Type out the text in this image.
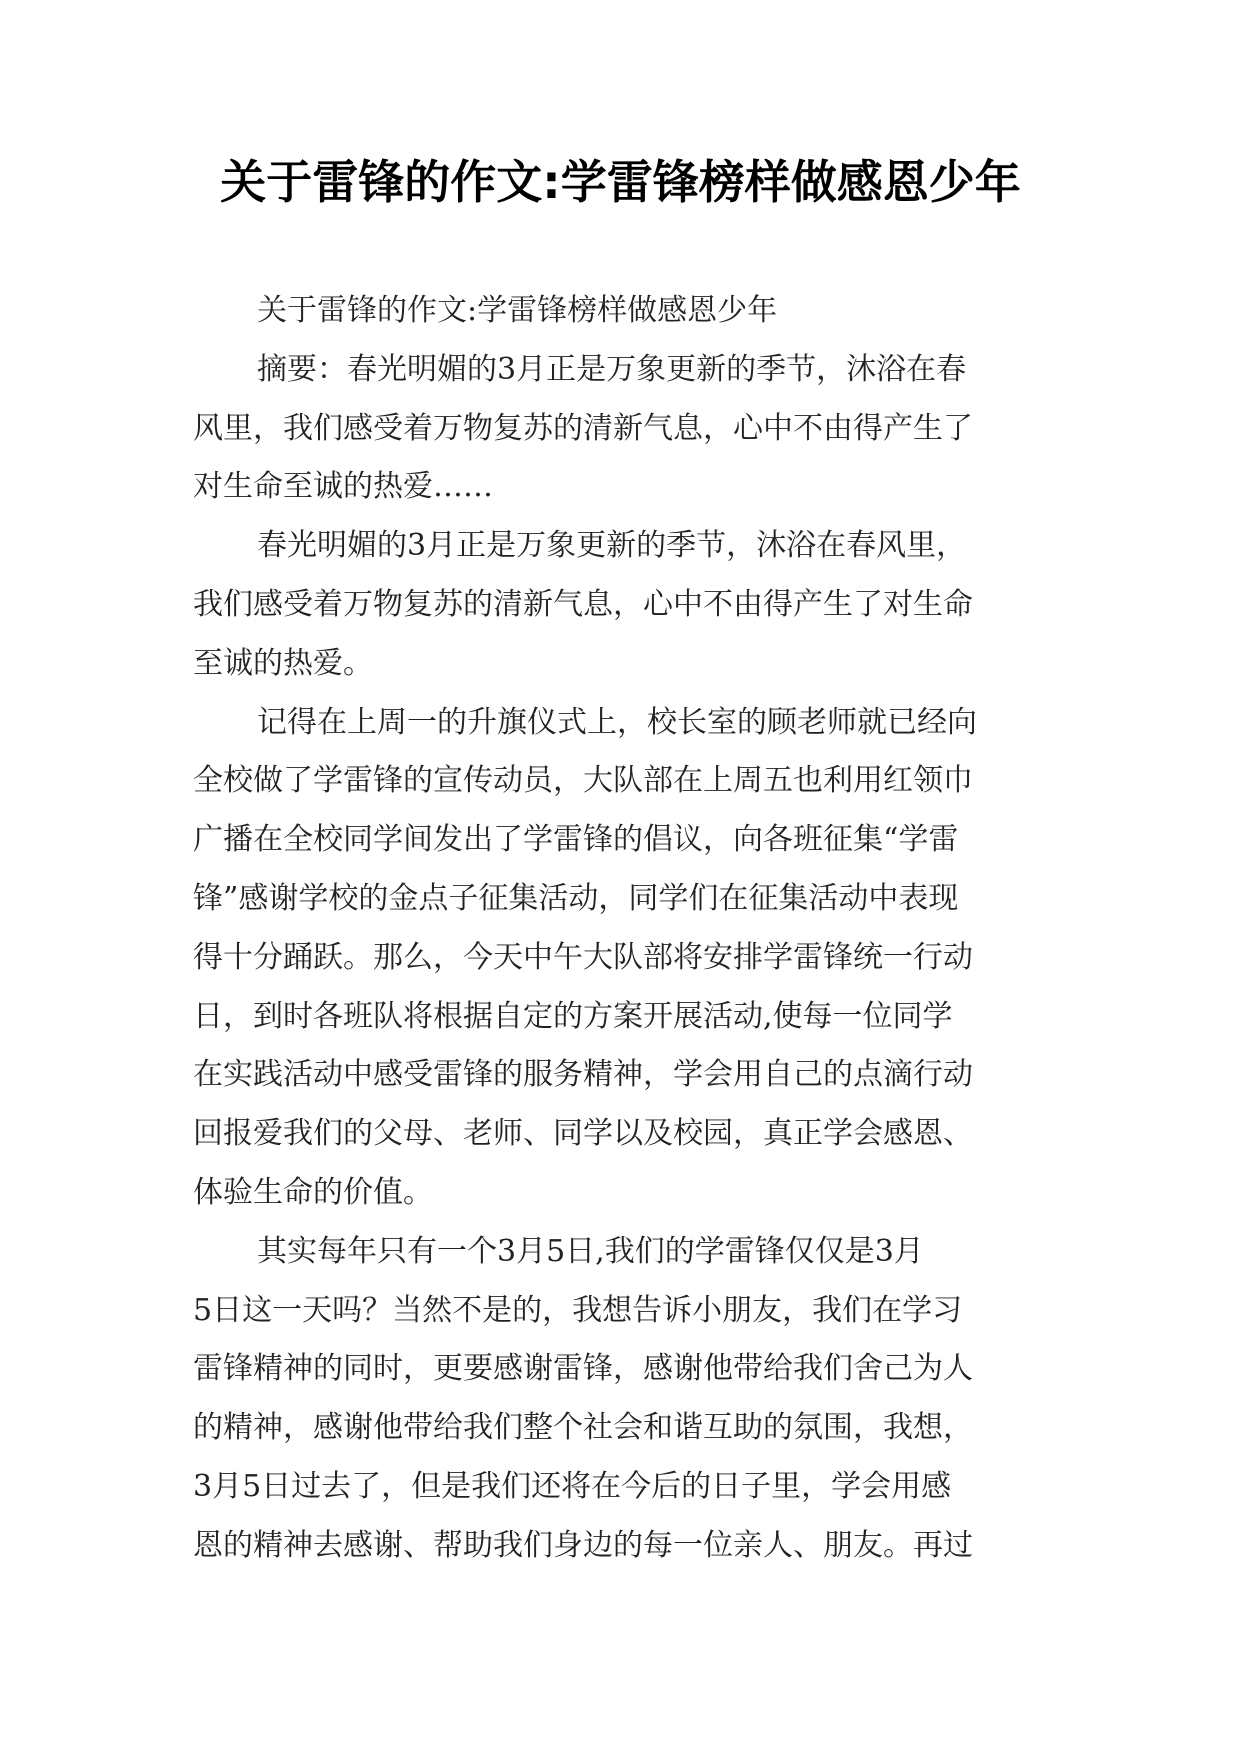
关于雷锋的作文:学雷锋榜样做感恩少年
关于雷锋的作文:学雷锋榜样做感恩少年
摘要：春光明媚的3月正是万象更新的季节，沐浴在春
风里，我们感受着万物复苏的清新气息，心中不由得产生了
对生命至诚的热爱……
春光明媚的3月正是万象更新的季节，沐浴在春风里，
我们感受着万物复苏的清新气息，心中不由得产生了对生命
至诚的热爱。
记得在上周一的升旗仪式上，校长室的顾老师就已经向
全校做了学雷锋的宣传动员，大队部在上周五也利用红领巾
广播在全校同学间发出了学雷锋的倡议，向各班征集“学雷
锋”感谢学校的金点子征集活动，同学们在征集活动中表现
得十分踊跃。那么，今天中午大队部将安排学雷锋统一行动
日，到时各班队将根据自定的方案开展活动,使每一位同学
在实践活动中感受雷锋的服务精神，学会用自己的点滴行动
回报爱我们的父母、老师、同学以及校园，真正学会感恩、
体验生命的价值。
其实每年只有一个3月5日,我们的学雷锋仅仅是3月
5日这一天吗？当然不是的，我想告诉小朋友，我们在学习
雷锋精神的同时，更要感谢雷锋，感谢他带给我们舍己为人
的精神，感谢他带给我们整个社会和谐互助的氛围，我想，
3月5日过去了，但是我们还将在今后的日子里，学会用感
恩的精神去感谢、帮助我们身边的每一位亲人、朋友。再过
